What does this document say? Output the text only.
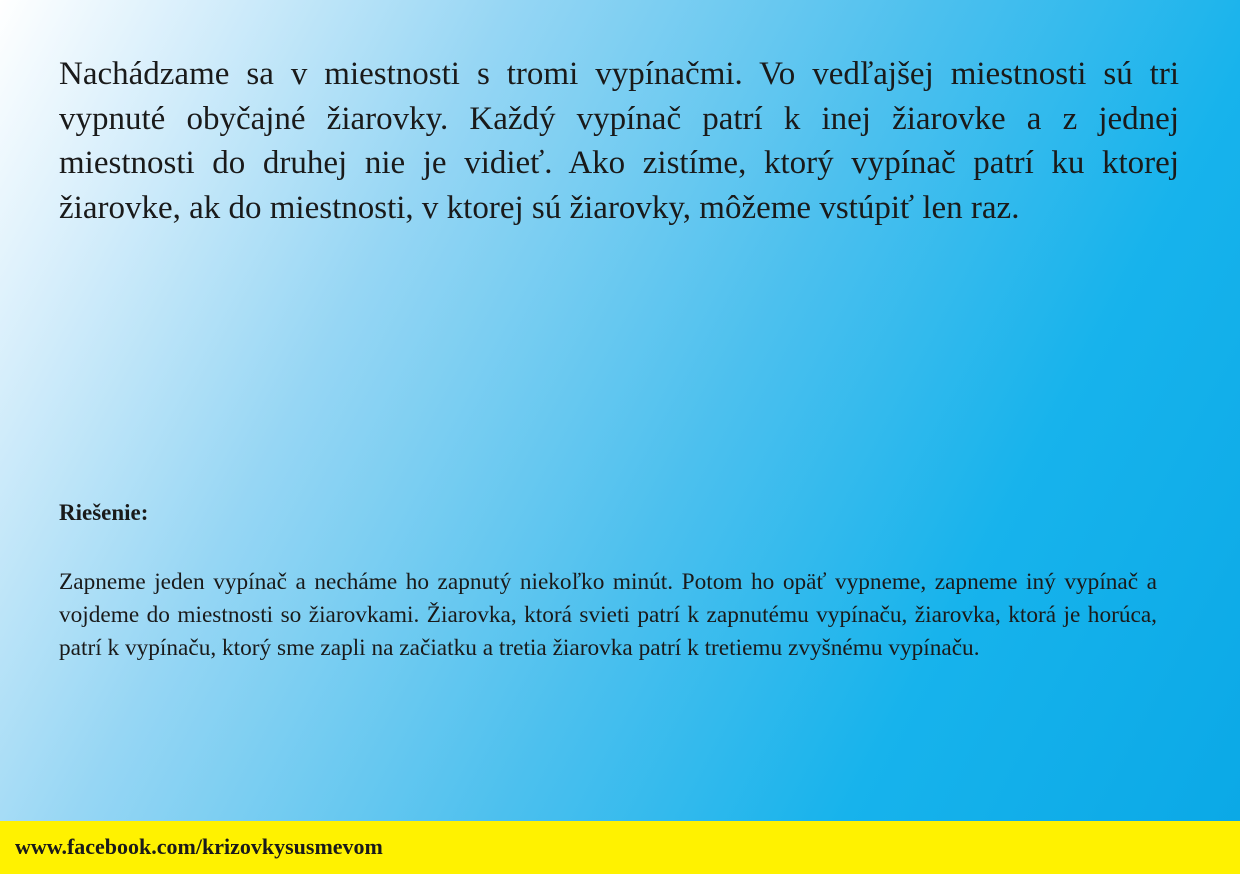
Nachádzame sa v miestnosti s tromi vypínačmi. Vo vedľajšej miestnosti sú tri vypnuté obyčajné žiarovky. Každý vypínač patrí k inej žiarovke a z jednej miestnosti do druhej nie je vidieť. Ako zistíme, ktorý vypínač patrí ku ktorej žiarovke, ak do miestnosti, v ktorej sú žiarovky, môžeme vstúpiť len raz.

Riešenie:

Zapneme jeden vypínač a necháme ho zapnutý niekoľko minút. Potom ho opäť vypneme, zapneme iný vypínač a vojdeme do miestnosti so žiarovkami. Žiarovka, ktorá svieti patrí k zapnutému vypínaču, žiarovka, ktorá je horúca, patrí k vypínaču, ktorý sme zapli na začiatku a tretia žiarovka patrí k tretiemu zvyšnému vypínaču.

www.facebook.com/krizovkysusmevom
